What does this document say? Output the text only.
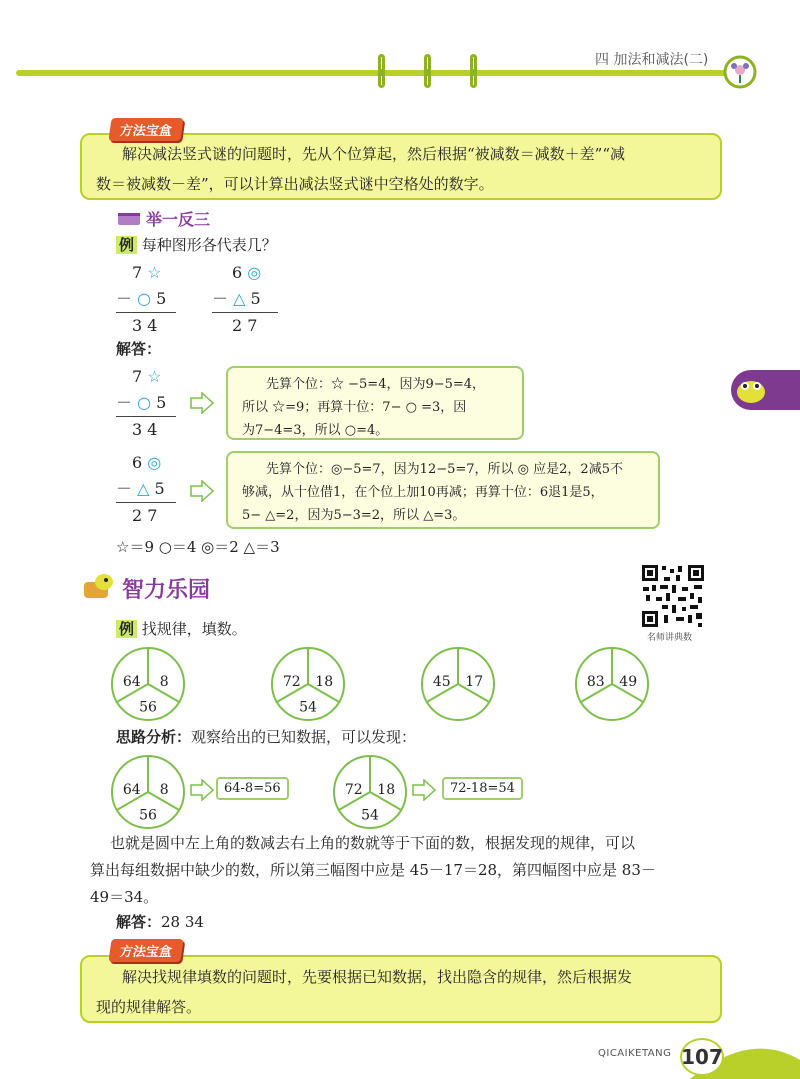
四 加法和减法(二)
解决减法竖式谜的问题时，先从个位算起，然后根据“被减数＝减数＋差”“减
数＝被减数－差”，可以计算出减法竖式谜中空格处的数字。
方法宝盒
举一反三
例 每种图形各代表几？
7 ☆
－ ○ 5
3 4
6 ◎
－ △ 5
2 7
解答：
7 ☆
－ ○ 5
3 4
先算个位：☆ −5=4，因为9−5=4，
所以 ☆=9；再算十位：7− ○ =3，因
为7−4=3，所以 ○=4。
6 ◎
－ △ 5
2 7
先算个位：◎−5=7，因为12−5=7，所以 ◎ 应是2，2减5不
够减，从十位借1，在个位上加10再减；再算十位：6退1是5，
5− △=2，因为5−3=2，所以 △=3。
☆＝9 ○＝4 ◎＝2 △＝3
智力乐园
名师讲典数
例 找规律，填数。
64 8
56
72 18
54
45 17	83 49
思路分析：观察给出的已知数据，可以发现：
64 8
56
64-8=56	72 18
54
72-18=54
也就是圆中左上角的数减去右上角的数就等于下面的数，根据发现的规律，可以
算出每组数据中缺少的数，所以第三幅图中应是 45－17＝28，第四幅图中应是 83－
49＝34。
解答：28 34
解决找规律填数的问题时，先要根据已知数据，找出隐含的规律，然后根据发
现的规律解答。
方法宝盒
QICAIKETANG 107
